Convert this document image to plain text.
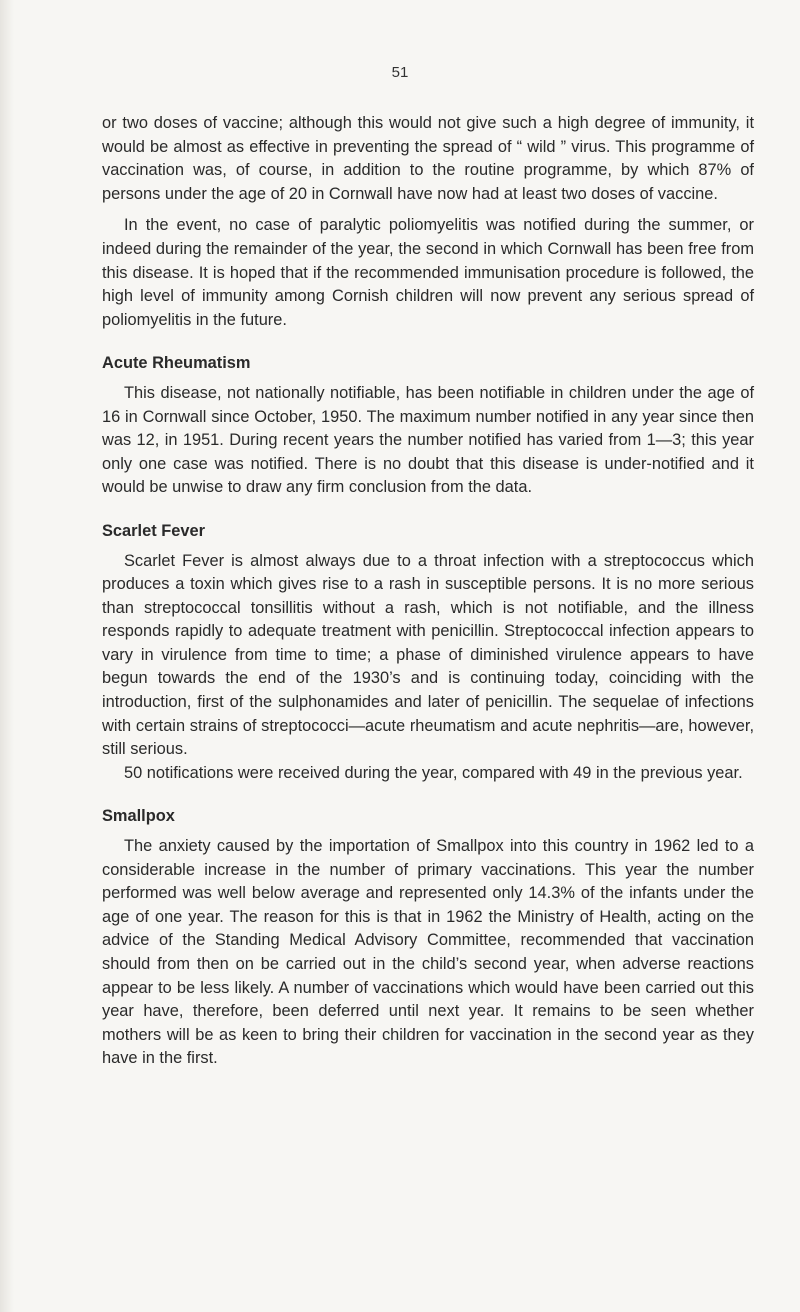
51

or two doses of vaccine; although this would not give such a high degree of immunity, it would be almost as effective in preventing the spread of “ wild ” virus. This programme of vaccination was, of course, in addition to the routine programme, by which 87% of persons under the age of 20 in Cornwall have now had at least two doses of vaccine.

In the event, no case of paralytic poliomyelitis was notified during the summer, or indeed during the remainder of the year, the second in which Cornwall has been free from this disease. It is hoped that if the recommended immunisation procedure is followed, the high level of immunity among Cornish children will now prevent any serious spread of poliomyelitis in the future.

Acute Rheumatism

This disease, not nationally notifiable, has been notifiable in children under the age of 16 in Cornwall since October, 1950. The maximum number notified in any year since then was 12, in 1951. During recent years the number notified has varied from 1—3; this year only one case was notified. There is no doubt that this disease is under-notified and it would be unwise to draw any firm conclusion from the data.

Scarlet Fever

Scarlet Fever is almost always due to a throat infection with a streptococcus which produces a toxin which gives rise to a rash in susceptible persons. It is no more serious than streptococcal tonsillitis without a rash, which is not notifiable, and the illness responds rapidly to adequate treatment with penicillin. Streptococcal infection appears to vary in virulence from time to time; a phase of diminished virulence appears to have begun towards the end of the 1930’s and is continuing today, coinciding with the introduction, first of the sulphonamides and later of penicillin. The sequelae of infections with certain strains of streptococci—acute rheumatism and acute nephritis—are, however, still serious.

50 notifications were received during the year, compared with 49 in the previous year.

Smallpox

The anxiety caused by the importation of Smallpox into this country in 1962 led to a considerable increase in the number of primary vaccinations. This year the number performed was well below average and represented only 14.3% of the infants under the age of one year. The reason for this is that in 1962 the Ministry of Health, acting on the advice of the Standing Medical Advisory Committee, recommended that vaccination should from then on be carried out in the child’s second year, when adverse reactions appear to be less likely. A number of vaccinations which would have been carried out this year have, therefore, been deferred until next year. It remains to be seen whether mothers will be as keen to bring their children for vaccination in the second year as they have in the first.
